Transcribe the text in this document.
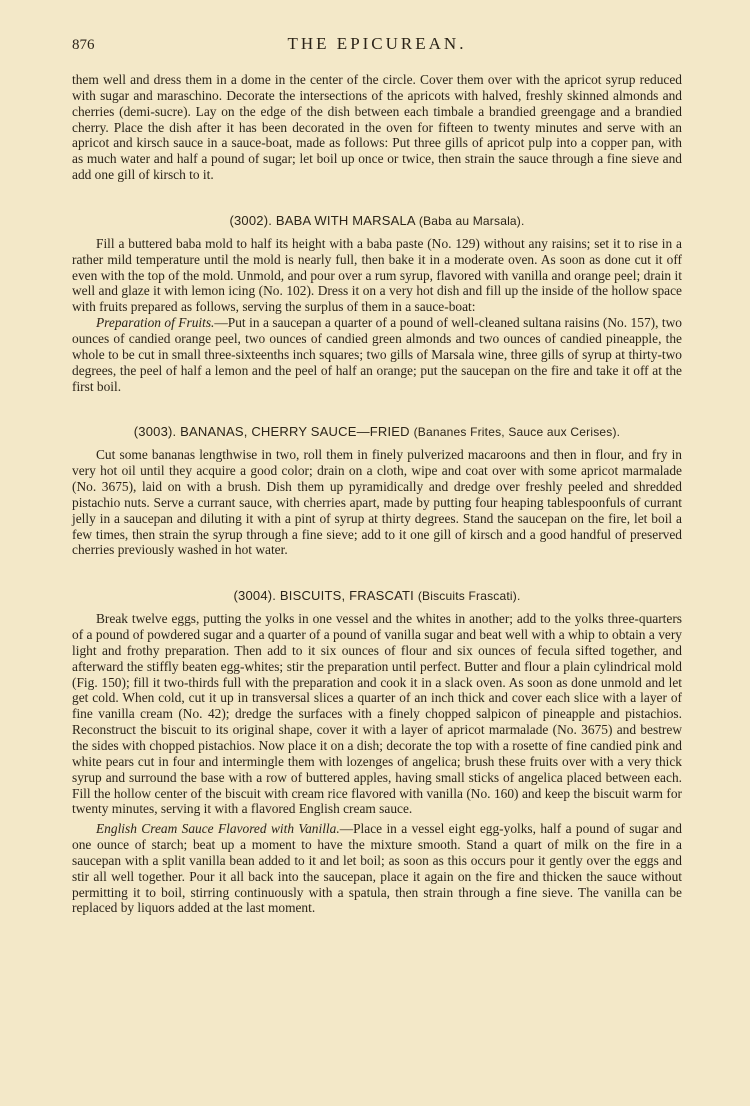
876	THE EPICUREAN.

them well and dress them in a dome in the center of the circle. Cover them over with the apricot syrup reduced with sugar and maraschino. Decorate the intersections of the apricots with halved, freshly skinned almonds and cherries (demi-sucre). Lay on the edge of the dish between each timbale a brandied greengage and a brandied cherry. Place the dish after it has been decorated in the oven for fifteen to twenty minutes and serve with an apricot and kirsch sauce in a sauce-boat, made as follows: Put three gills of apricot pulp into a copper pan, with as much water and half a pound of sugar; let boil up once or twice, then strain the sauce through a fine sieve and add one gill of kirsch to it.

(3002). BABA WITH MARSALA (Baba au Marsala).

Fill a buttered baba mold to half its height with a baba paste (No. 129) without any raisins; set it to rise in a rather mild temperature until the mold is nearly full, then bake it in a moderate oven. As soon as done cut it off even with the top of the mold. Unmold, and pour over a rum syrup, flavored with vanilla and orange peel; drain it well and glaze it with lemon icing (No. 102). Dress it on a very hot dish and fill up the inside of the hollow space with fruits prepared as follows, serving the surplus of them in a sauce-boat:

Preparation of Fruits.—Put in a saucepan a quarter of a pound of well-cleaned sultana raisins (No. 157), two ounces of candied orange peel, two ounces of candied green almonds and two ounces of candied pineapple, the whole to be cut in small three-sixteenths inch squares; two gills of Marsala wine, three gills of syrup at thirty-two degrees, the peel of half a lemon and the peel of half an orange; put the saucepan on the fire and take it off at the first boil.

(3003). BANANAS, CHERRY SAUCE—FRIED (Bananes Frites, Sauce aux Cerises).

Cut some bananas lengthwise in two, roll them in finely pulverized macaroons and then in flour, and fry in very hot oil until they acquire a good color; drain on a cloth, wipe and coat over with some apricot marmalade (No. 3675), laid on with a brush. Dish them up pyramidically and dredge over freshly peeled and shredded pistachio nuts. Serve a currant sauce, with cherries apart, made by putting four heaping tablespoonfuls of currant jelly in a saucepan and diluting it with a pint of syrup at thirty degrees. Stand the saucepan on the fire, let boil a few times, then strain the syrup through a fine sieve; add to it one gill of kirsch and a good handful of preserved cherries previously washed in hot water.

(3004). BISCUITS, FRASCATI (Biscuits Frascati).

Break twelve eggs, putting the yolks in one vessel and the whites in another; add to the yolks three-quarters of a pound of powdered sugar and a quarter of a pound of vanilla sugar and beat well with a whip to obtain a very light and frothy preparation. Then add to it six ounces of flour and six ounces of fecula sifted together, and afterward the stiffly beaten egg-whites; stir the preparation until perfect. Butter and flour a plain cylindrical mold (Fig. 150); fill it two-thirds full with the preparation and cook it in a slack oven. As soon as done unmold and let get cold. When cold, cut it up in transversal slices a quarter of an inch thick and cover each slice with a layer of fine vanilla cream (No. 42); dredge the surfaces with a finely chopped salpicon of pineapple and pistachios. Reconstruct the biscuit to its original shape, cover it with a layer of apricot marmalade (No. 3675) and bestrew the sides with chopped pistachios. Now place it on a dish; decorate the top with a rosette of fine candied pink and white pears cut in four and intermingle them with lozenges of angelica; brush these fruits over with a very thick syrup and surround the base with a row of buttered apples, having small sticks of angelica placed between each. Fill the hollow center of the biscuit with cream rice flavored with vanilla (No. 160) and keep the biscuit warm for twenty minutes, serving it with a flavored English cream sauce.

English Cream Sauce Flavored with Vanilla.—Place in a vessel eight egg-yolks, half a pound of sugar and one ounce of starch; beat up a moment to have the mixture smooth. Stand a quart of milk on the fire in a saucepan with a split vanilla bean added to it and let boil; as soon as this occurs pour it gently over the eggs and stir all well together. Pour it all back into the saucepan, place it again on the fire and thicken the sauce without permitting it to boil, stirring continuously with a spatula, then strain through a fine sieve. The vanilla can be replaced by liquors added at the last moment.
